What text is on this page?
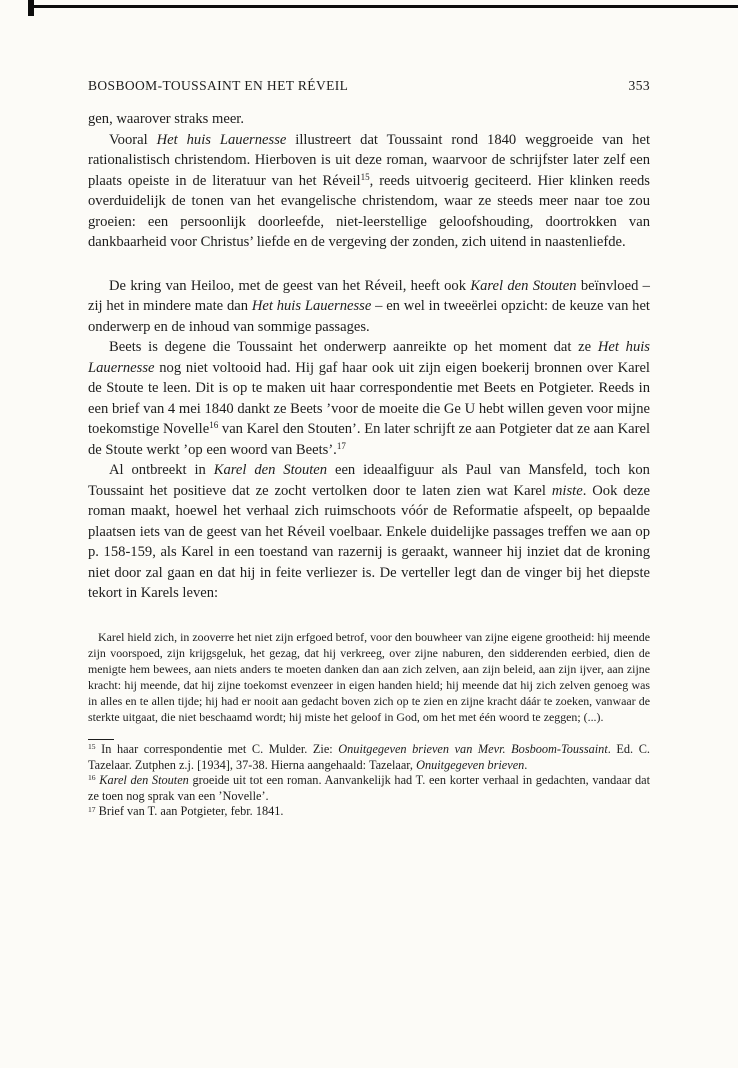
BOSBOOM-TOUSSAINT EN HET RÉVEIL	353

gen, waarover straks meer.

Vooral Het huis Lauernesse illustreert dat Toussaint rond 1840 weggroeide van het rationalistisch christendom. Hierboven is uit deze roman, waarvoor de schrijfster later zelf een plaats opeiste in de literatuur van het Réveil$^{15}$, reeds uitvoerig geciteerd. Hier klinken reeds overduidelijk de tonen van het evangelische christendom, waar ze steeds meer naar toe zou groeien: een persoonlijk doorleefde, niet-leerstellige geloofshouding, doortrokken van dankbaarheid voor Christus’ liefde en de vergeving der zonden, zich uitend in naastenliefde.

De kring van Heiloo, met de geest van het Réveil, heeft ook Karel den Stouten beïnvloed – zij het in mindere mate dan Het huis Lauernesse – en wel in tweeërlei opzicht: de keuze van het onderwerp en de inhoud van sommige passages.

Beets is degene die Toussaint het onderwerp aanreikte op het moment dat ze Het huis Lauernesse nog niet voltooid had. Hij gaf haar ook uit zijn eigen boekerij bronnen over Karel de Stoute te leen. Dit is op te maken uit haar correspondentie met Beets en Potgieter. Reeds in een brief van 4 mei 1840 dankt ze Beets ’voor de moeite die Ge U hebt willen geven voor mijne toekomstige Novelle$^{16}$ van Karel den Stouten’. En later schrijft ze aan Potgieter dat ze aan Karel de Stoute werkt ’op een woord van Beets’.$^{17}$

Al ontbreekt in Karel den Stouten een ideaalfiguur als Paul van Mansfeld, toch kon Toussaint het positieve dat ze zocht vertolken door te laten zien wat Karel miste. Ook deze roman maakt, hoewel het verhaal zich ruimschoots vóór de Reformatie afspeelt, op bepaalde plaatsen iets van de geest van het Réveil voelbaar. Enkele duidelijke passages treffen we aan op p. 158-159, als Karel in een toestand van razernij is geraakt, wanneer hij inziet dat de kroning niet door zal gaan en dat hij in feite verliezer is. De verteller legt dan de vinger bij het diepste tekort in Karels leven:

Karel hield zich, in zooverre het niet zijn erfgoed betrof, voor den bouwheer van zijne eigene grootheid: hij meende zijn voorspoed, zijn krijgsgeluk, het gezag, dat hij verkreeg, over zijne naburen, den sidderenden eerbied, dien de menigte hem bewees, aan niets anders te moeten danken dan aan zich zelven, aan zijn beleid, aan zijn ijver, aan zijne kracht: hij meende, dat hij zijne toekomst evenzeer in eigen handen hield; hij meende dat hij zich zelven genoeg was in alles en te allen tijde; hij had er nooit aan gedacht boven zich op te zien en zijne kracht dáár te zoeken, vanwaar de sterkte uitgaat, die niet beschaamd wordt; hij miste het geloof in God, om het met één woord te zeggen; (...).
$^{15}$ In haar correspondentie met C. Mulder. Zie: Onuitgegeven brieven van Mevr. Bosboom-Toussaint. Ed. C. Tazelaar. Zutphen z.j. [1934], 37-38. Hierna aangehaald: Tazelaar, Onuitgegeven brieven.
$^{16}$ Karel den Stouten groeide uit tot een roman. Aanvankelijk had T. een korter verhaal in gedachten, vandaar dat ze toen nog sprak van een ’Novelle’.
$^{17}$ Brief van T. aan Potgieter, febr. 1841.
